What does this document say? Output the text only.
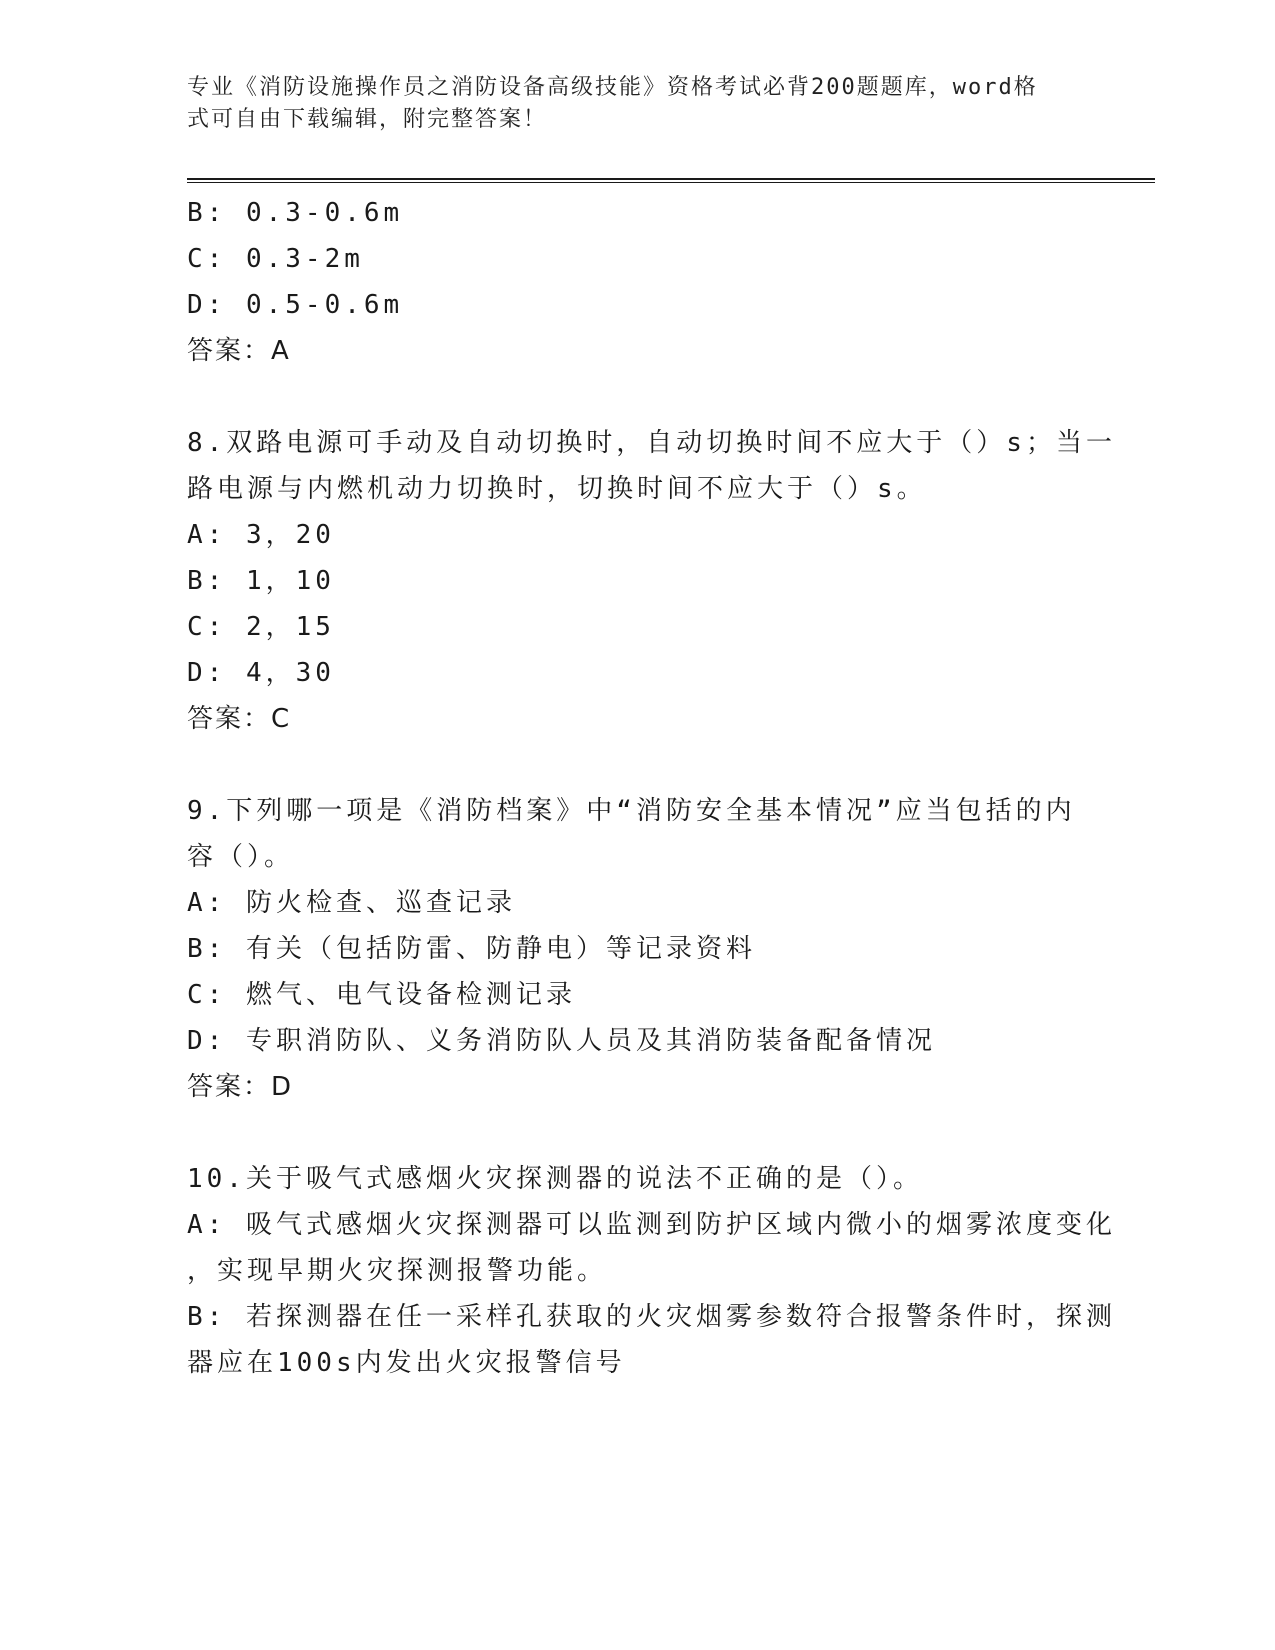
专业《消防设施操作员之消防设备高级技能》资格考试必背200题题库，word格
式可自由下载编辑，附完整答案！
B: 0.3-0.6m
C: 0.3-2m
D: 0.5-0.6m
答案：A
8.双路电源可手动及自动切换时，自动切换时间不应大于（）s；当一
路电源与内燃机动力切换时，切换时间不应大于（）s。
A: 3，20
B: 1，10
C: 2，15
D: 4，30
答案：C
9.下列哪一项是《消防档案》中“消防安全基本情况”应当包括的内
容（）。
A: 防火检查、巡查记录
B: 有关（包括防雷、防静电）等记录资料
C: 燃气、电气设备检测记录
D: 专职消防队、义务消防队人员及其消防装备配备情况
答案：D
10.关于吸气式感烟火灾探测器的说法不正确的是（）。
A: 吸气式感烟火灾探测器可以监测到防护区域内微小的烟雾浓度变化
，实现早期火灾探测报警功能。
B: 若探测器在任一采样孔获取的火灾烟雾参数符合报警条件时，探测
器应在100s内发出火灾报警信号
